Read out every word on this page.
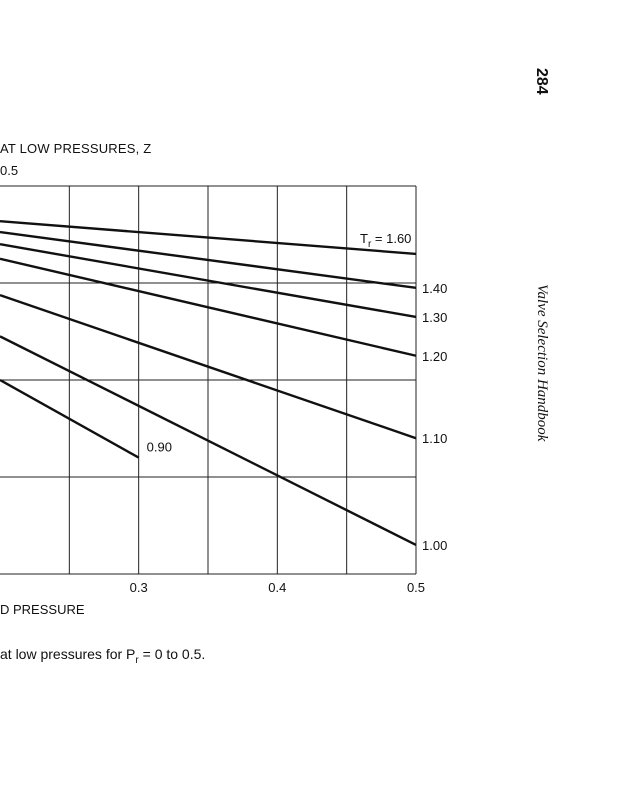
AT LOW PRESSURES, Z
0.5
1.40
1.30
1.20
1.10
1.00
0.90
$T_r = 1.60$
0.3	0.4	0.5
D PRESSURE
at low pressures for $P_r = 0$ to 0.5.
284
Valve Selection Handbook
